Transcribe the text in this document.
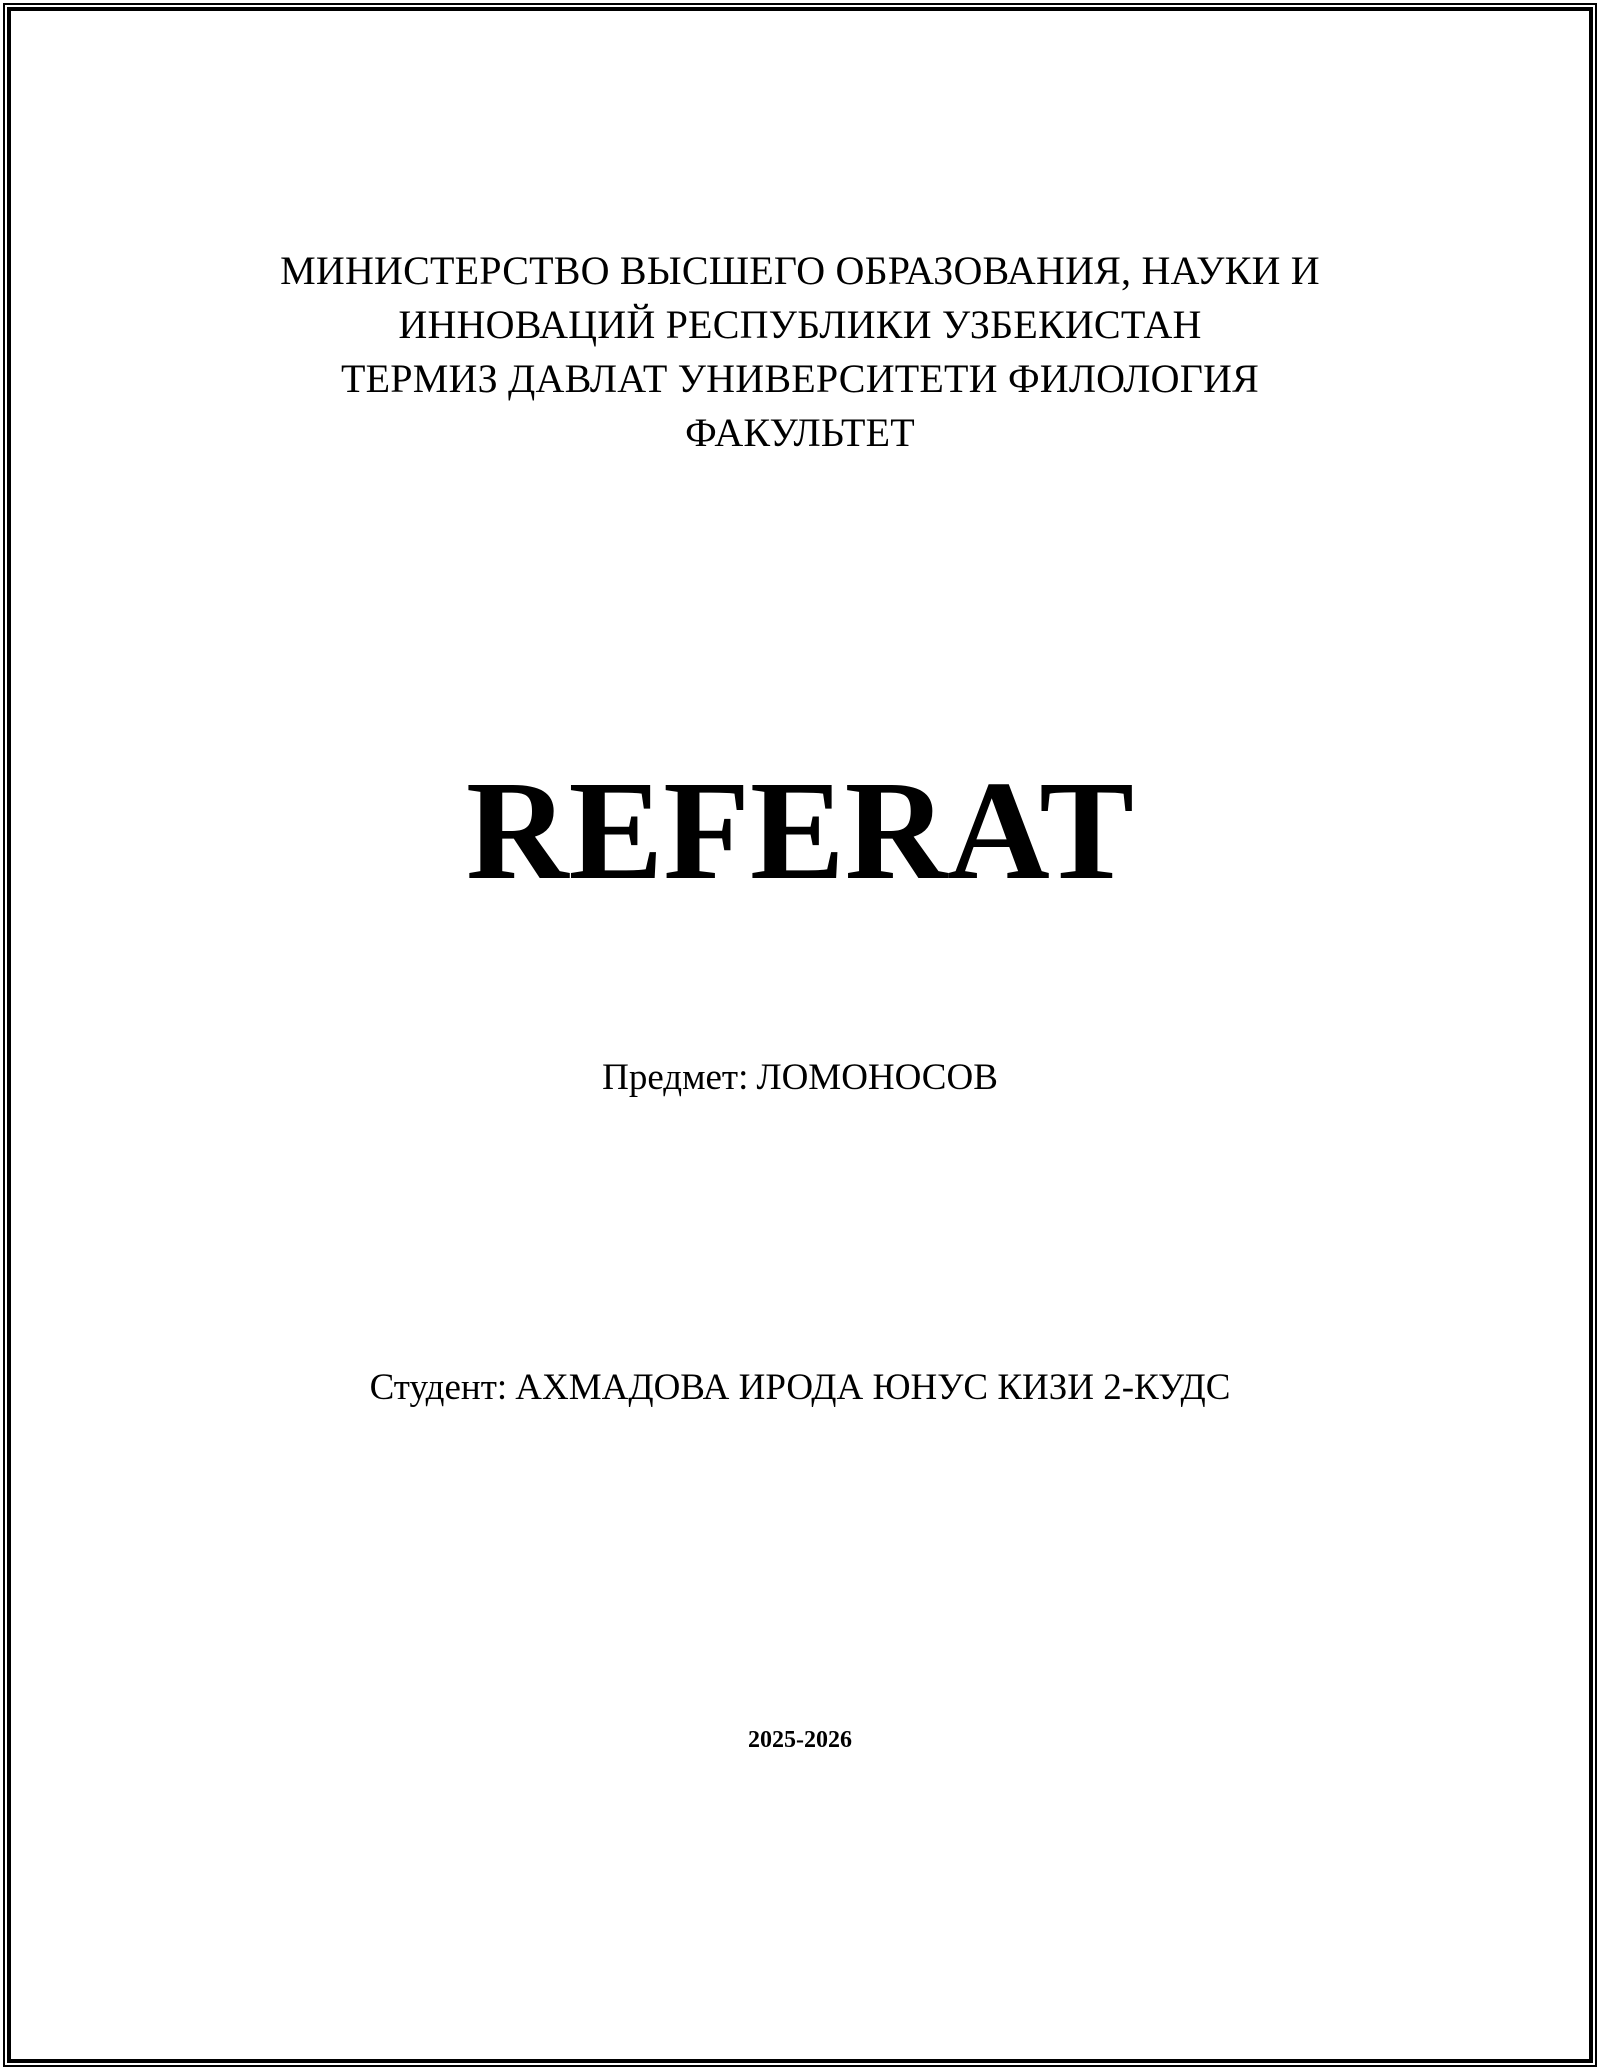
МИНИСТЕРСТВО ВЫСШЕГО ОБРАЗОВАНИЯ, НАУКИ И
ИННОВАЦИЙ РЕСПУБЛИКИ УЗБЕКИСТАН
ТЕРМИЗ ДАВЛАТ УНИВЕРСИТЕТИ ФИЛОЛОГИЯ
ФАКУЛЬТЕТ
REFERAT
Предмет: ЛОМОНОСОВ
Студент: АХМАДОВА ИРОДА ЮНУС КИЗИ 2-КУДС
2025-2026
